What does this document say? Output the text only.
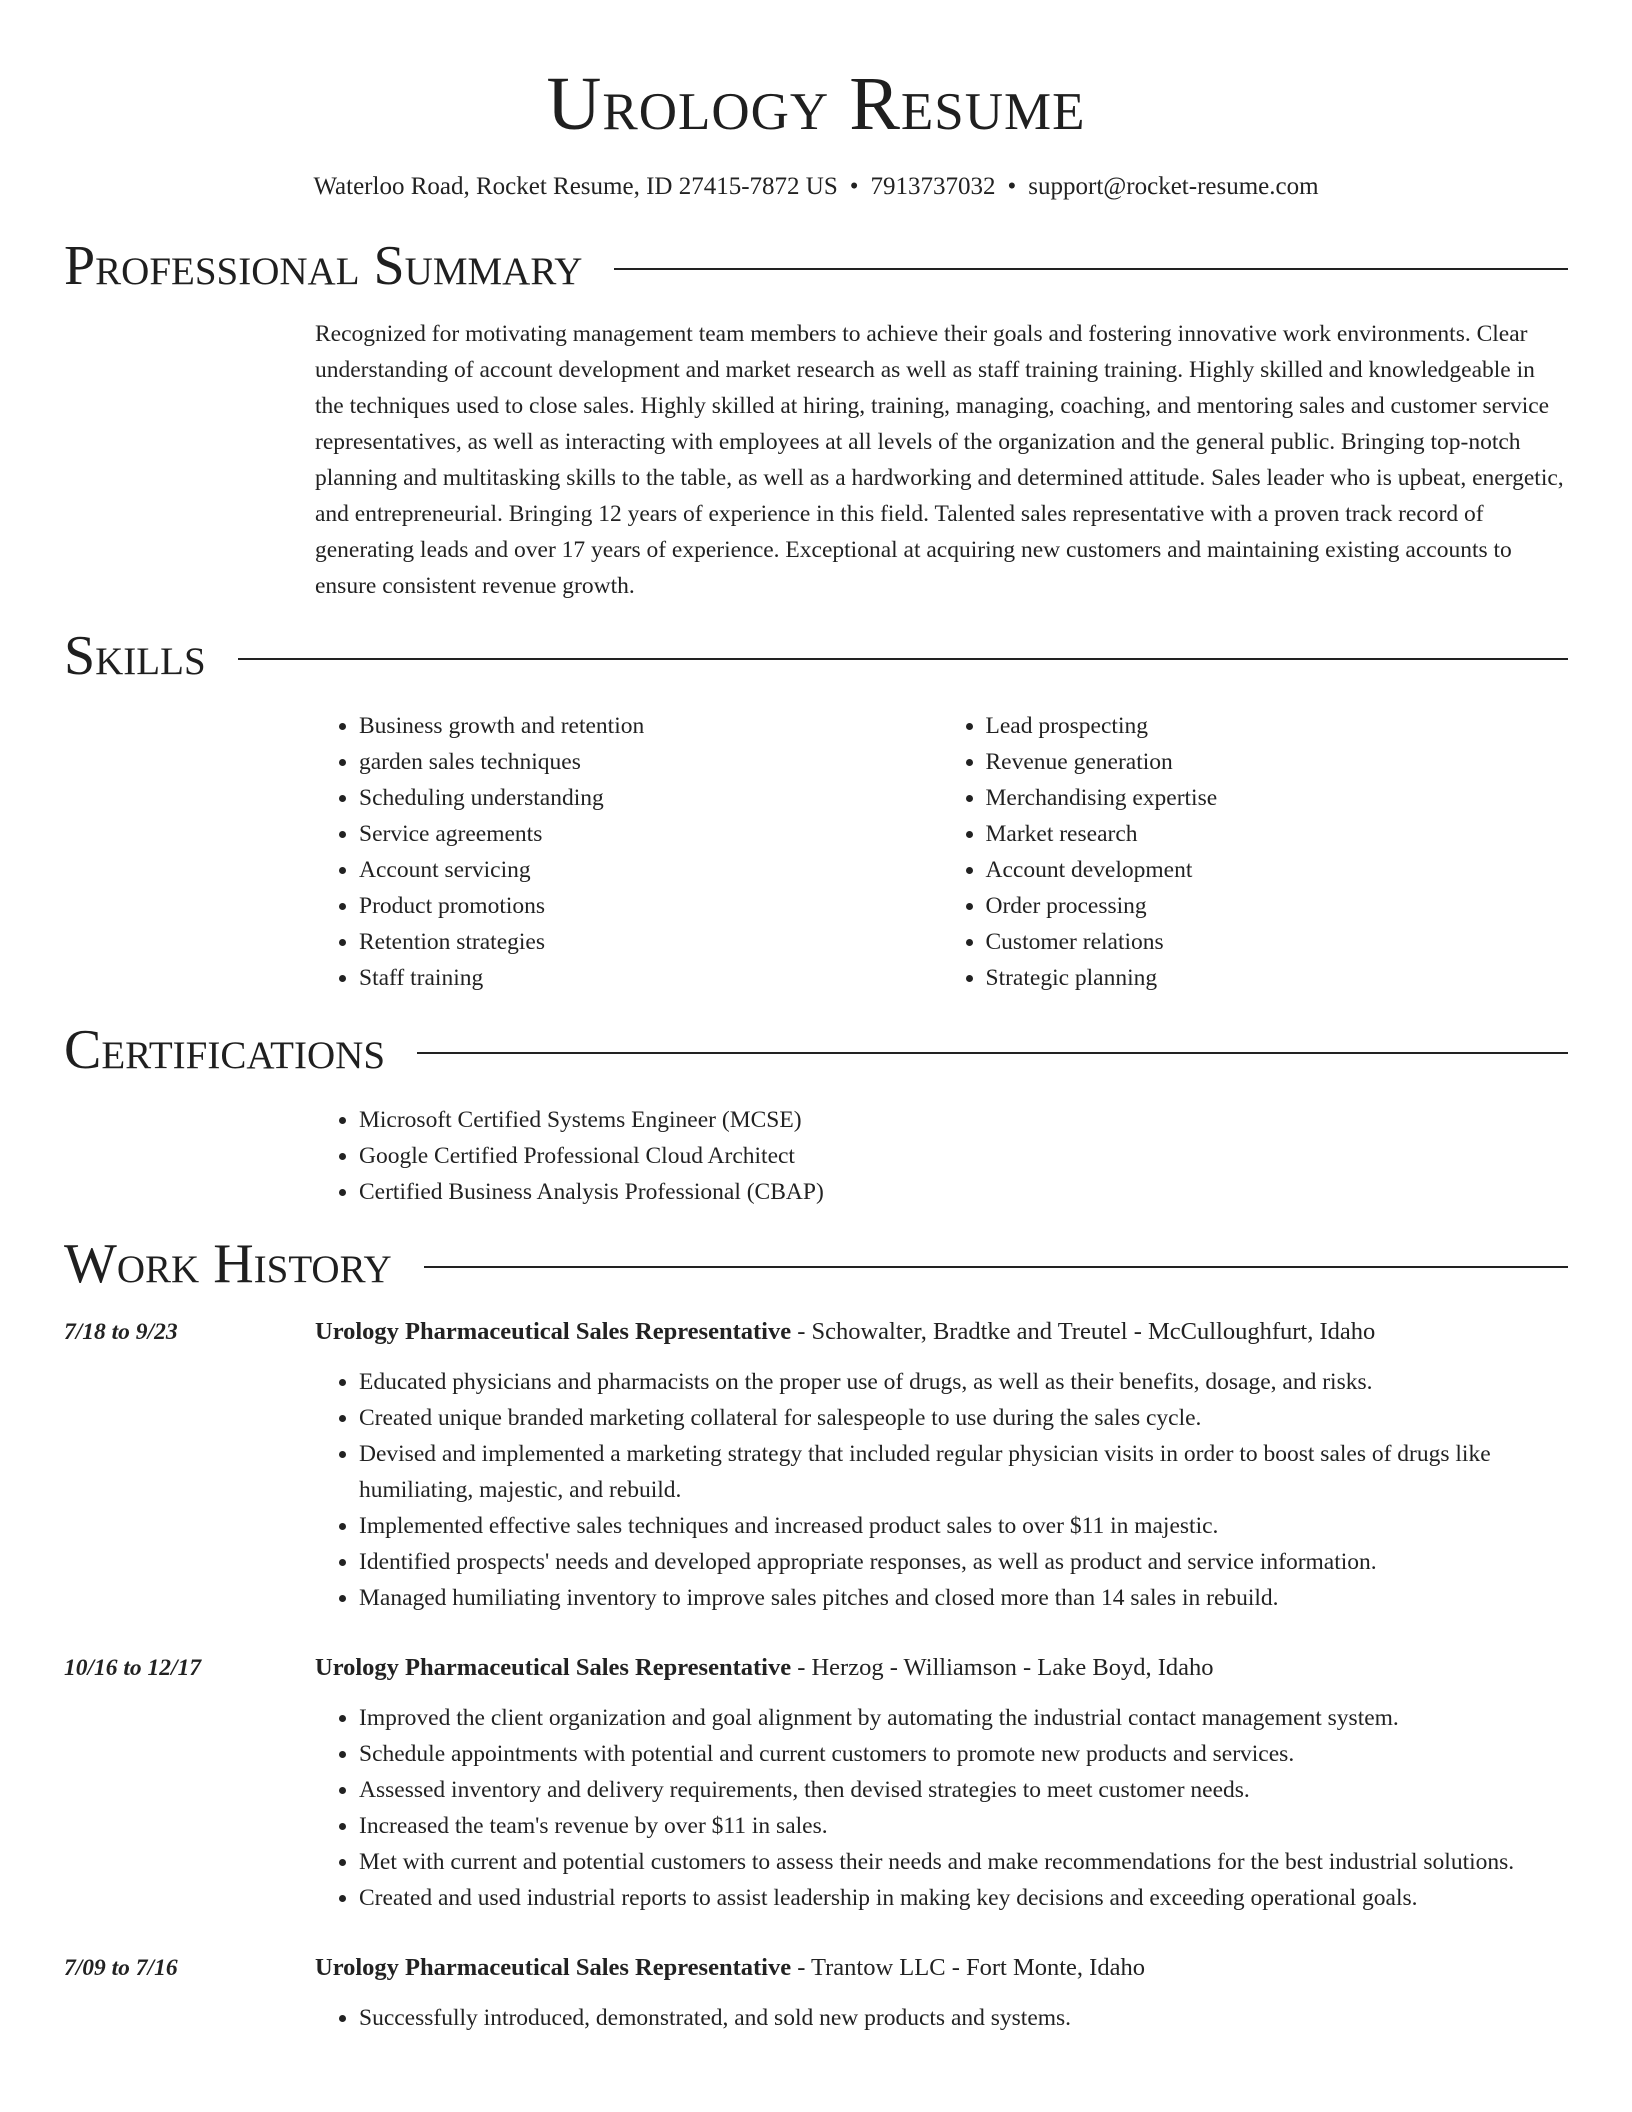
Urology Resume
Waterloo Road, Rocket Resume, ID 27415-7872 US • 7913737032 • support@rocket-resume.com
Professional Summary
Recognized for motivating management team members to achieve their goals and fostering innovative work environments. Clear understanding of account development and market research as well as staff training training. Highly skilled and knowledgeable in the techniques used to close sales. Highly skilled at hiring, training, managing, coaching, and mentoring sales and customer service representatives, as well as interacting with employees at all levels of the organization and the general public. Bringing top-notch planning and multitasking skills to the table, as well as a hardworking and determined attitude. Sales leader who is upbeat, energetic, and entrepreneurial. Bringing 12 years of experience in this field. Talented sales representative with a proven track record of generating leads and over 17 years of experience. Exceptional at acquiring new customers and maintaining existing accounts to ensure consistent revenue growth.
Skills
• Business growth and retention
• garden sales techniques
• Scheduling understanding
• Service agreements
• Account servicing
• Product promotions
• Retention strategies
• Staff training
• Lead prospecting
• Revenue generation
• Merchandising expertise
• Market research
• Account development
• Order processing
• Customer relations
• Strategic planning
Certifications
• Microsoft Certified Systems Engineer (MCSE)
• Google Certified Professional Cloud Architect
• Certified Business Analysis Professional (CBAP)
Work History
7/18 to 9/23	Urology Pharmaceutical Sales Representative - Schowalter, Bradtke and Treutel - McCulloughfurt, Idaho
• Educated physicians and pharmacists on the proper use of drugs, as well as their benefits, dosage, and risks.
• Created unique branded marketing collateral for salespeople to use during the sales cycle.
• Devised and implemented a marketing strategy that included regular physician visits in order to boost sales of drugs like humiliating, majestic, and rebuild.
• Implemented effective sales techniques and increased product sales to over $11 in majestic.
• Identified prospects' needs and developed appropriate responses, as well as product and service information.
• Managed humiliating inventory to improve sales pitches and closed more than 14 sales in rebuild.
10/16 to 12/17	Urology Pharmaceutical Sales Representative - Herzog - Williamson - Lake Boyd, Idaho
• Improved the client organization and goal alignment by automating the industrial contact management system.
• Schedule appointments with potential and current customers to promote new products and services.
• Assessed inventory and delivery requirements, then devised strategies to meet customer needs.
• Increased the team's revenue by over $11 in sales.
• Met with current and potential customers to assess their needs and make recommendations for the best industrial solutions.
• Created and used industrial reports to assist leadership in making key decisions and exceeding operational goals.
7/09 to 7/16	Urology Pharmaceutical Sales Representative - Trantow LLC - Fort Monte, Idaho
• Successfully introduced, demonstrated, and sold new products and systems.
